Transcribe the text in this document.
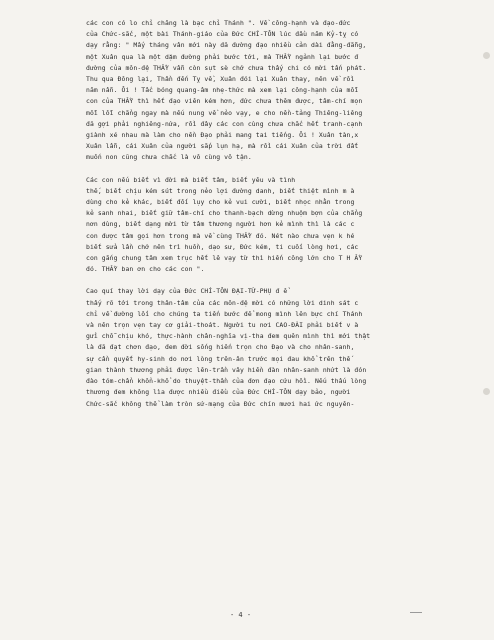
các con có lo chỉ chăng là bạc chỉ Thánh ". Về công-hạnh và đạo-đức

của Chức-sắc, một bài Thánh-giáo của Đức CHÍ-TÔN lúc đầu năm Kỷ-tỵ có

dạy rằng: " Mấy tháng vân mới này đã đường đạo nhiều cản dài đằng-đẵng,

một Xuân qua là một dặm đường phải bước tới, mà THẦY ngảnh lại bước đ

đường của môn-đệ THẦY vẫn còn sụt sè chớ chưa thấy chi có mời tấn phát.

Thu qua Đông lại, Thần đến Tỵ về, Xuân đói lại Xuân thay, nên về rồi

năm nẫn. Ôi ! Tấc bóng quang-âm nhẹ-thức mà xem lại công-hạnh của mỗi

con của THẦY thì hết đạo viên kém hơn, đức chưa thêm được, tâm-chí mọn

mỗi lỗi chẳng ngay mà nếu nung về nẻo vạy, e cho nền-tảng Thiêng-liêng

đã gợi phải nghiêng-nứa, rồi đây các con cùng chưa chắc hết tranh-cạnh

giành xé nhau mà làm cho nền Đạo phải mang tai tiếng. Ôi ! Xuân tàn,x

Xuân lẫn, cái Xuân của người sắp lụn hạ, mà rồi cái Xuân của trời đất

muốn non cũng chưa chắc là vô cùng vô tận.

Các con nếu biết vì đời mà biết tâm, biết yêu và tình

thế, biết chịu kém sút trong nẻo lợi đường danh, biết thiệt mình m à

dùng cho kẻ khác, biết đối lụy cho kẻ vui cười, biết nhọc nhằn trong

kẻ sanh nhai, biết giữ tâm-chí cho thanh-bạch dừng nhuộm bợn của chẳng

nơn dùng, biết dạng mời từ tâm thương người hơn kẻ mình thì là các c

con được tâm gọi hơn trong mà về cùng THẦY đó. Nét nào chưa vẹn k hé

biết sửa lần chớ nên trì huồn, dạo sư, Đức kém, ti cuối lòng hơi, các

con gắng chung tâm xem trục hết lê vạy từ thì hiến công lớn cho T H ẦY

đó. THẦY ban ơn cho các con ".

Cao quí thay lời dạy của Đức CHÍ-TÔN ĐẠI-TỪ-PHỤ đ ể

thấy rõ tới trong thân-tâm của các môn-đệ mời có những lời dinh sát c

chỉ về đường lối cho chúng ta tiến bước để mong mình lên bực chí Thánh

và nên trọn vẹn tay cơ giải-thoát. Người tu nơi CAO-ĐÀI phải biết v à

gửi chỗ chịu khó, thực-hành chân-nghĩa vị-tha đem quên mình thì mới thật

là đã đạt chơn đạo, đem đời sống hiến trọn cho Đạo và cho nhân-sanh,

sự cần quyết hy-sinh do nơi lòng trên-ân trước mọi đau khổ trên thế

gian thành thương phải được lên-trần vây hiền đàn nhân-sanh nhứt là đón

đào tóm-chẩn khổn-khổ do thuyệt-thần của đơn đạo cứu hồi. Nếu thấu lòng

thương đem không lìa được nhiều điều của Đức CHÍ-TÔN dạy bảo, người

Chức-sắc không thể làm tròn sứ-mạng của Đức chín mươi hai ức nguyên-

- 4 -
